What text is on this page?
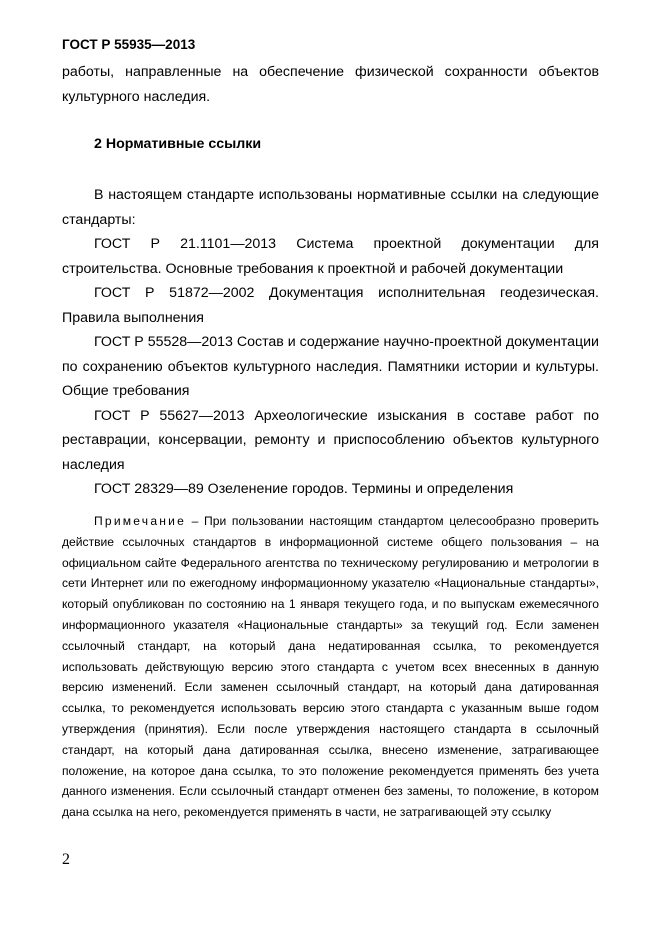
ГОСТ Р 55935—2013

работы, направленные на обеспечение физической сохранности объектов культурного наследия.

2 Нормативные ссылки

В настоящем стандарте использованы нормативные ссылки на следующие стандарты:

ГОСТ Р 21.1101—2013 Система проектной документации для строительства. Основные требования к проектной и рабочей документации

ГОСТ Р 51872—2002 Документация исполнительная геодезическая. Правила выполнения

ГОСТ Р 55528—2013 Состав и содержание научно-проектной документации по сохранению объектов культурного наследия. Памятники истории и культуры. Общие требования

ГОСТ Р 55627—2013 Археологические изыскания в составе работ по реставрации, консервации, ремонту и приспособлению объектов культурного наследия

ГОСТ 28329—89 Озеленение городов. Термины и определения

Примечание – При пользовании настоящим стандартом целесообразно проверить действие ссылочных стандартов в информационной системе общего пользования – на официальном сайте Федерального агентства по техническому регулированию и метрологии в сети Интернет или по ежегодному информационному указателю «Национальные стандарты», который опубликован по состоянию на 1 января текущего года, и по выпускам ежемесячного информационного указателя «Национальные стандарты» за текущий год. Если заменен ссылочный стандарт, на который дана недатированная ссылка, то рекомендуется использовать действующую версию этого стандарта с учетом всех внесенных в данную версию изменений. Если заменен ссылочный стандарт, на который дана датированная ссылка, то рекомендуется использовать версию этого стандарта с указанным выше годом утверждения (принятия). Если после утверждения настоящего стандарта в ссылочный стандарт, на который дана датированная ссылка, внесено изменение, затрагивающее положение, на которое дана ссылка, то это положение рекомендуется применять без учета данного изменения. Если ссылочный стандарт отменен без замены, то положение, в котором дана ссылка на него, рекомендуется применять в части, не затрагивающей эту ссылку

2
